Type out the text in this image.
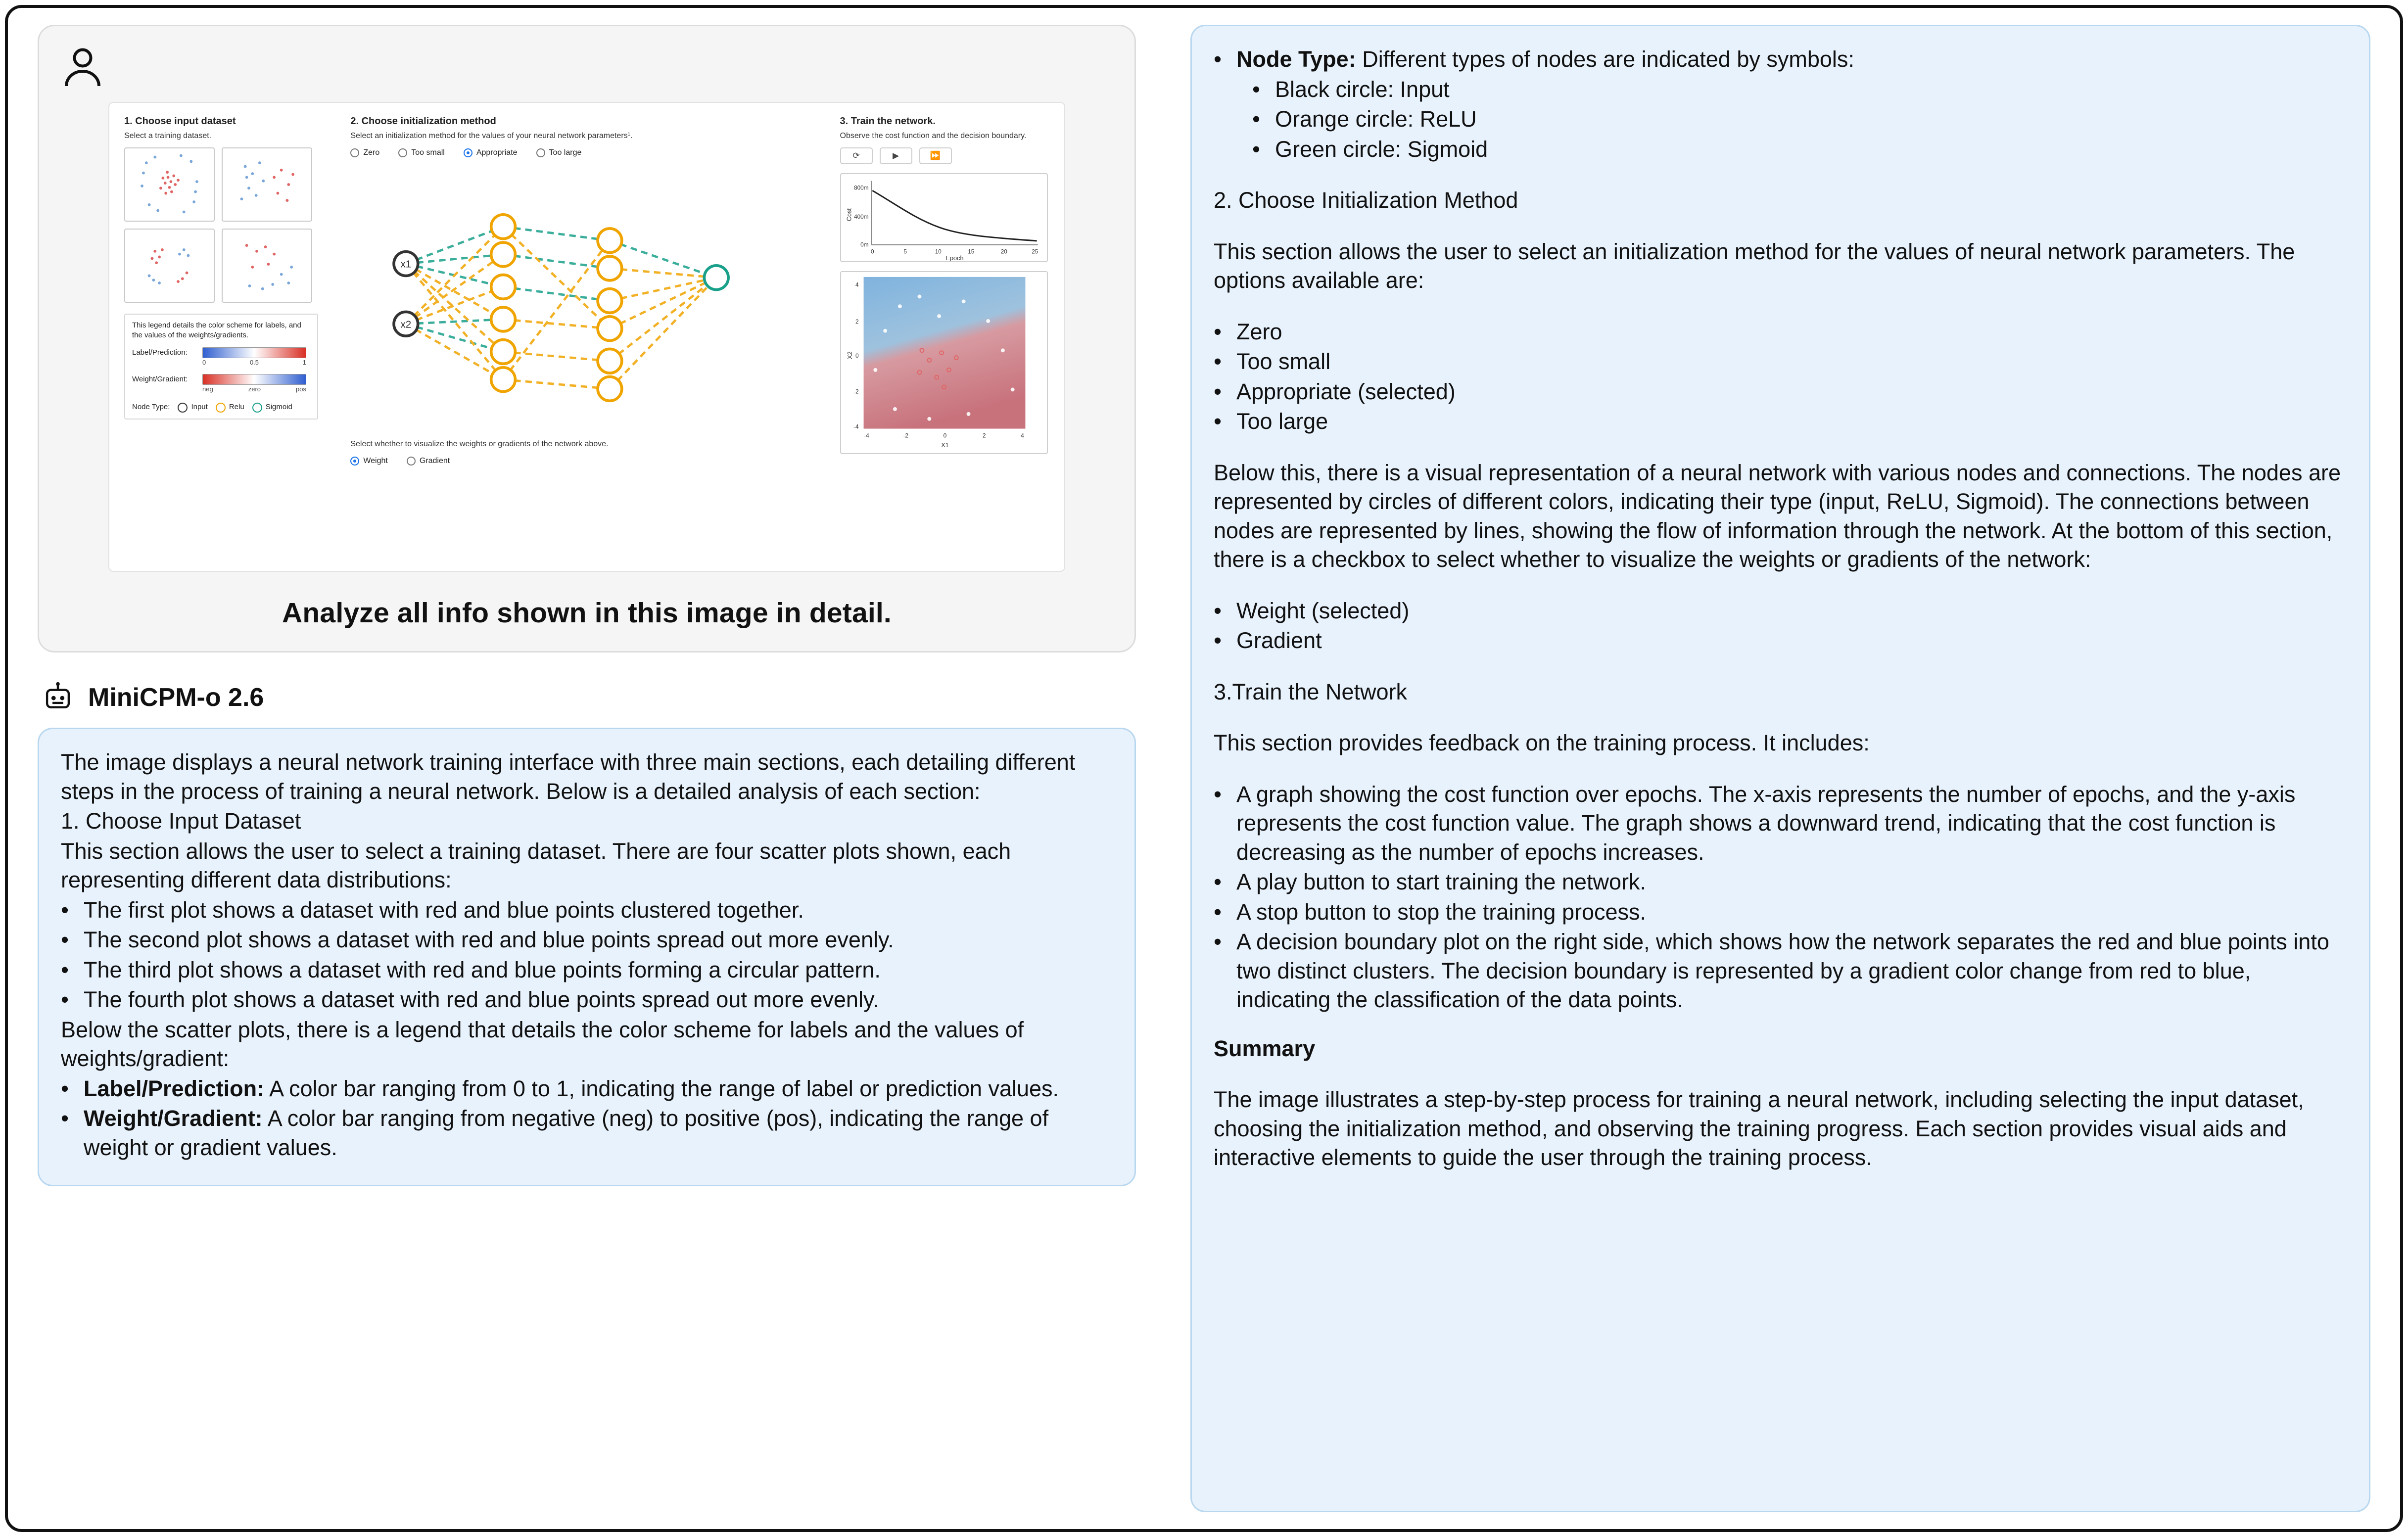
1. Choose input dataset
Select a training dataset.
This legend details the color scheme for labels, and the values of the weights/gradients.
Label/Prediction:
0	0.5	1
Weight/Gradient:
neg	zero	pos
Node Type:	Input	Relu	Sigmoid
2. Choose initialization method
Select an initialization method for the values of your neural network parameters¹.
Zero	Too small	Appropriate	Too large
x1
x2
Select whether to visualize the weights or gradients of the network above.
Weight	Gradient
3. Train the network.
Observe the cost function and the decision boundary.
⟳	▶	⏩
Cost
800m
400m
0m
0	5	10	15	20	25
Epoch
4
2
0
-2
-4
X2
-4	-2	0	2	4
X1
Analyze all info shown in this image in detail.
MiniCPM-o 2.6

The image displays a neural network training interface with three main sections, each detailing different steps in the process of training a neural network. Below is a detailed analysis of each section:

1. Choose Input Dataset

This section allows the user to select a training dataset. There are four scatter plots shown, each representing different data distributions:

• The first plot shows a dataset with red and blue points clustered together.
• The second plot shows a dataset with red and blue points spread out more evenly.
• The third plot shows a dataset with red and blue points forming a circular pattern.
• The fourth plot shows a dataset with red and blue points spread out more evenly.

Below the scatter plots, there is a legend that details the color scheme for labels and the values of weights/gradient:

• Label/Prediction: A color bar ranging from 0 to 1, indicating the range of label or prediction values.
• Weight/Gradient: A color bar ranging from negative (neg) to positive (pos), indicating the range of weight or gradient values.
• Node Type: Different types of nodes are indicated by symbols:
• Black circle: Input
• Orange circle: ReLU
• Green circle: Sigmoid

2. Choose Initialization Method

This section allows the user to select an initialization method for the values of neural network parameters. The options available are:

• Zero
• Too small
• Appropriate (selected)
• Too large

Below this, there is a visual representation of a neural network with various nodes and connections. The nodes are represented by circles of different colors, indicating their type (input, ReLU, Sigmoid). The connections between nodes are represented by lines, showing the flow of information through the network. At the bottom of this section, there is a checkbox to select whether to visualize the weights or gradients of the network:

• Weight (selected)
• Gradient

3.Train the Network

This section provides feedback on the training process. It includes:

• A graph showing the cost function over epochs. The x-axis represents the number of epochs, and the y-axis represents the cost function value. The graph shows a downward trend, indicating that the cost function is decreasing as the number of epochs increases.
• A play button to start training the network.
• A stop button to stop the training process.
• A decision boundary plot on the right side, which shows how the network separates the red and blue points into two distinct clusters. The decision boundary is represented by a gradient color change from red to blue, indicating the classification of the data points.

Summary

The image illustrates a step-by-step process for training a neural network, including selecting the input dataset, choosing the initialization method, and observing the training progress. Each section provides visual aids and interactive elements to guide the user through the training process.
